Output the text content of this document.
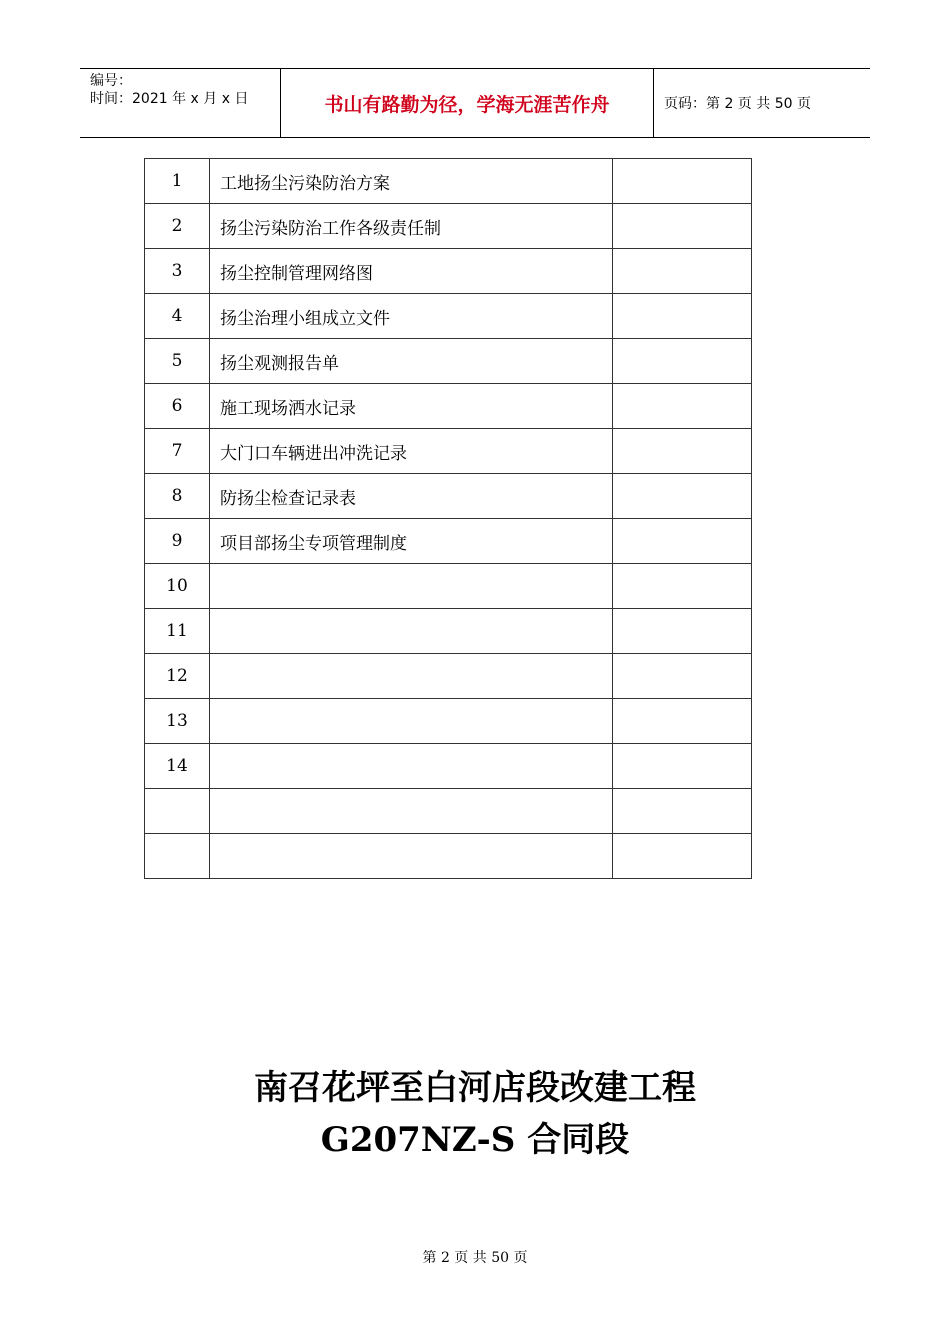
编号：
时间：2021 年 x 月 x 日	书山有路勤为径，学海无涯苦作舟	页码：第 2 页 共 50 页
1	工地扬尘污染防治方案	
2	扬尘污染防治工作各级责任制	
3	扬尘控制管理网络图	
4	扬尘治理小组成立文件	
5	扬尘观测报告单	
6	施工现场洒水记录	
7	大门口车辆进出冲洗记录	
8	防扬尘检查记录表	
9	项目部扬尘专项管理制度	
10		
11		
12		
13		
14		

南召花坪至白河店段改建工程
G207NZ-S 合同段
第 2 页 共 50 页
